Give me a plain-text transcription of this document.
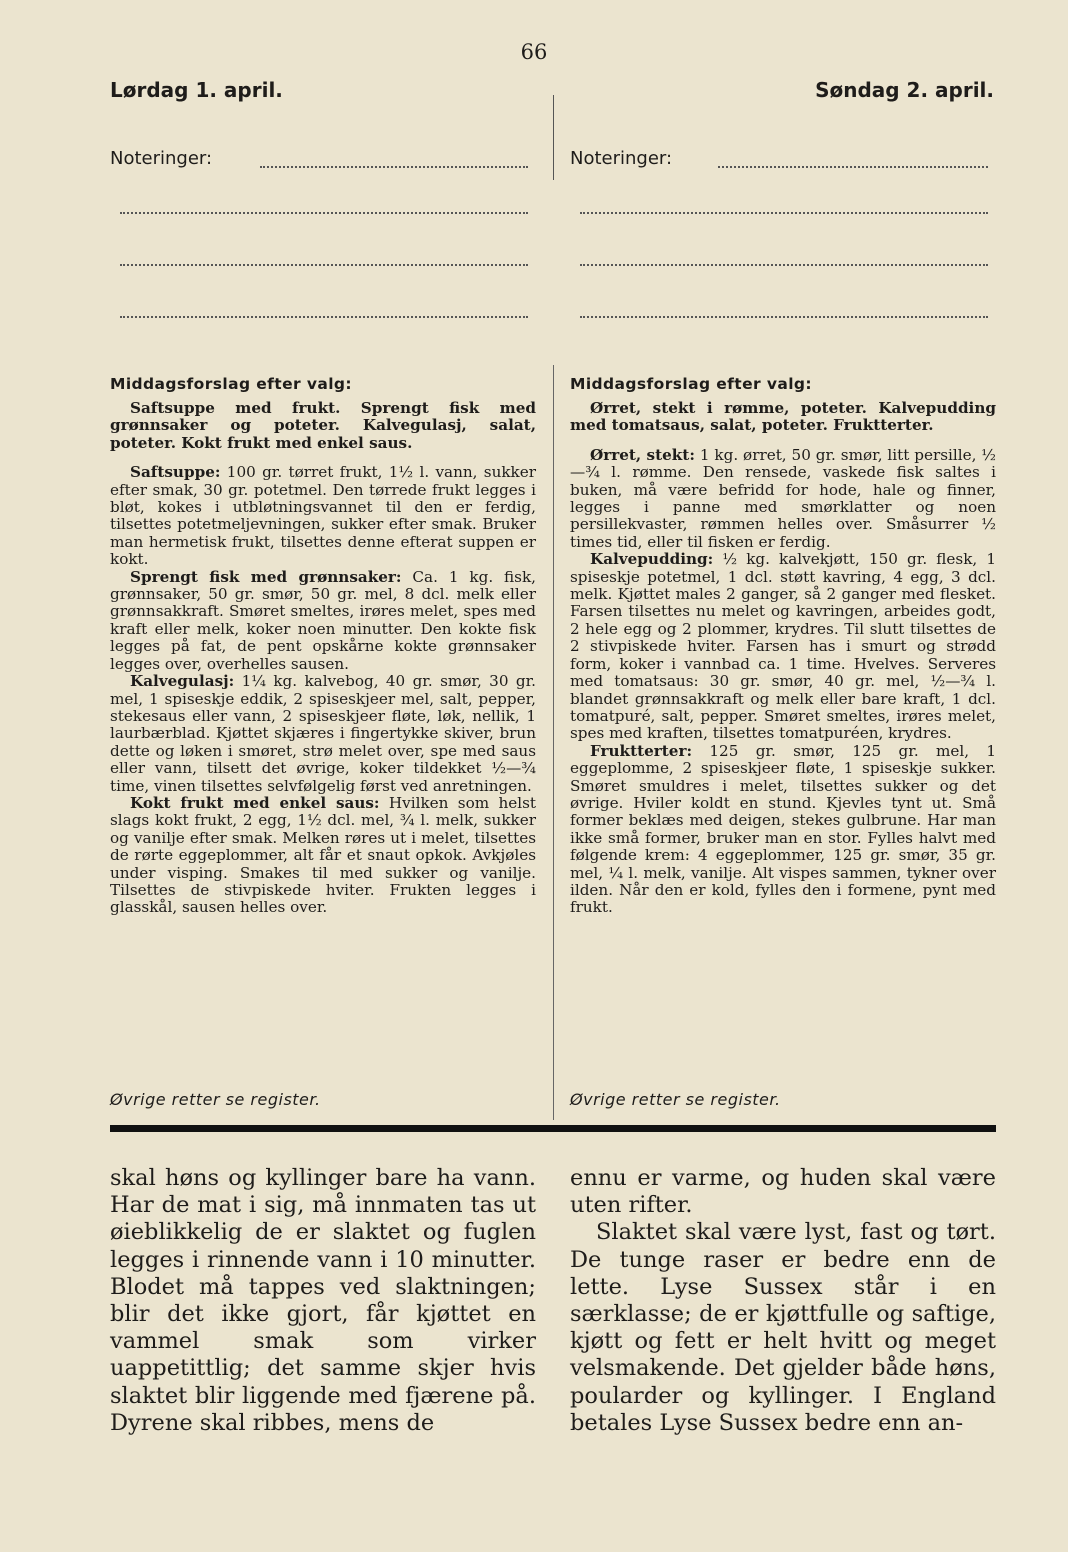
66
Lørdag 1. april.	Søndag 2. april.
Noteringer:	Noteringer:
Middagsforslag efter valg:	Middagsforslag efter valg:

Saftsuppe med frukt. Sprengt fisk med grønnsaker og poteter. Kalvegulasj, salat, poteter. Kokt frukt med enkel saus.

Saftsuppe: 100 gr. tørret frukt, 1½ l. vann, sukker efter smak, 30 gr. potetmel. Den tørrede frukt legges i bløt, kokes i utbløtningsvannet til den er ferdig, tilsettes potetmeljevningen, sukker efter smak. Bruker man hermetisk frukt, tilsettes denne efterat suppen er kokt.

Sprengt fisk med grønnsaker: Ca. 1 kg. fisk, grønnsaker, 50 gr. smør, 50 gr. mel, 8 dcl. melk eller grønnsakkraft. Smøret smeltes, irøres melet, spes med kraft eller melk, koker noen minutter. Den kokte fisk legges på fat, de pent opskårne kokte grønnsaker legges over, overhelles sausen.

Kalvegulasj: 1¼ kg. kalvebog, 40 gr. smør, 30 gr. mel, 1 spiseskje eddik, 2 spiseskjeer mel, salt, pepper, stekesaus eller vann, 2 spiseskjeer fløte, løk, nellik, 1 laurbærblad. Kjøttet skjæres i fingertykke skiver, brun dette og løken i smøret, strø melet over, spe med saus eller vann, tilsett det øvrige, koker tildekket ½—¾ time, vinen tilsettes selvfølgelig først ved anretningen.

Kokt frukt med enkel saus: Hvilken som helst slags kokt frukt, 2 egg, 1½ dcl. mel, ¾ l. melk, sukker og vanilje efter smak. Melken røres ut i melet, tilsettes de rørte eggeplommer, alt får et snaut opkok. Avkjøles under visping. Smakes til med sukker og vanilje. Tilsettes de stivpiskede hviter. Frukten legges i glasskål, sausen helles over.

Ørret, stekt i rømme, poteter. Kalvepudding med tomatsaus, salat, poteter. Fruktterter.

Ørret, stekt: 1 kg. ørret, 50 gr. smør, litt persille, ½—¾ l. rømme. Den rensede, vaskede fisk saltes i buken, må være befridd for hode, hale og finner, legges i panne med smørklatter og noen persillekvaster, rømmen helles over. Småsurrer ½ times tid, eller til fisken er ferdig.

Kalvepudding: ½ kg. kalvekjøtt, 150 gr. flesk, 1 spiseskje potetmel, 1 dcl. støtt kavring, 4 egg, 3 dcl. melk. Kjøttet males 2 ganger, så 2 ganger med flesket. Farsen tilsettes nu melet og kavringen, arbeides godt, 2 hele egg og 2 plommer, krydres. Til slutt tilsettes de 2 stivpiskede hviter. Farsen has i smurt og strødd form, koker i vannbad ca. 1 time. Hvelves. Serveres med tomatsaus: 30 gr. smør, 40 gr. mel, ½—¾ l. blandet grønnsakkraft og melk eller bare kraft, 1 dcl. tomatpuré, salt, pepper. Smøret smeltes, irøres melet, spes med kraften, tilsettes tomatpuréen, krydres.

Fruktterter: 125 gr. smør, 125 gr. mel, 1 eggeplomme, 2 spiseskjeer fløte, 1 spiseskje sukker. Smøret smuldres i melet, tilsettes sukker og det øvrige. Hviler koldt en stund. Kjevles tynt ut. Små former beklæs med deigen, stekes gulbrune. Har man ikke små former, bruker man en stor. Fylles halvt med følgende krem: 4 eggeplommer, 125 gr. smør, 35 gr. mel, ¼ l. melk, vanilje. Alt vispes sammen, tykner over ilden. Når den er kold, fylles den i formene, pynt med frukt.

Øvrige retter se register.	Øvrige retter se register.

skal høns og kyllinger bare ha vann. Har de mat i sig, må innmaten tas ut øieblikkelig de er slaktet og fuglen legges i rinnende vann i 10 minutter. Blodet må tappes ved slaktningen; blir det ikke gjort, får kjøttet en vammel smak som virker uappetittlig; det samme skjer hvis slaktet blir liggende med fjærene på. Dyrene skal ribbes, mens de

ennu er varme, og huden skal være uten rifter.

Slaktet skal være lyst, fast og tørt. De tunge raser er bedre enn de lette. Lyse Sussex står i en særklasse; de er kjøttfulle og saftige, kjøtt og fett er helt hvitt og meget velsmakende. Det gjelder både høns, poularder og kyllinger. I England betales Lyse Sussex bedre enn an-
